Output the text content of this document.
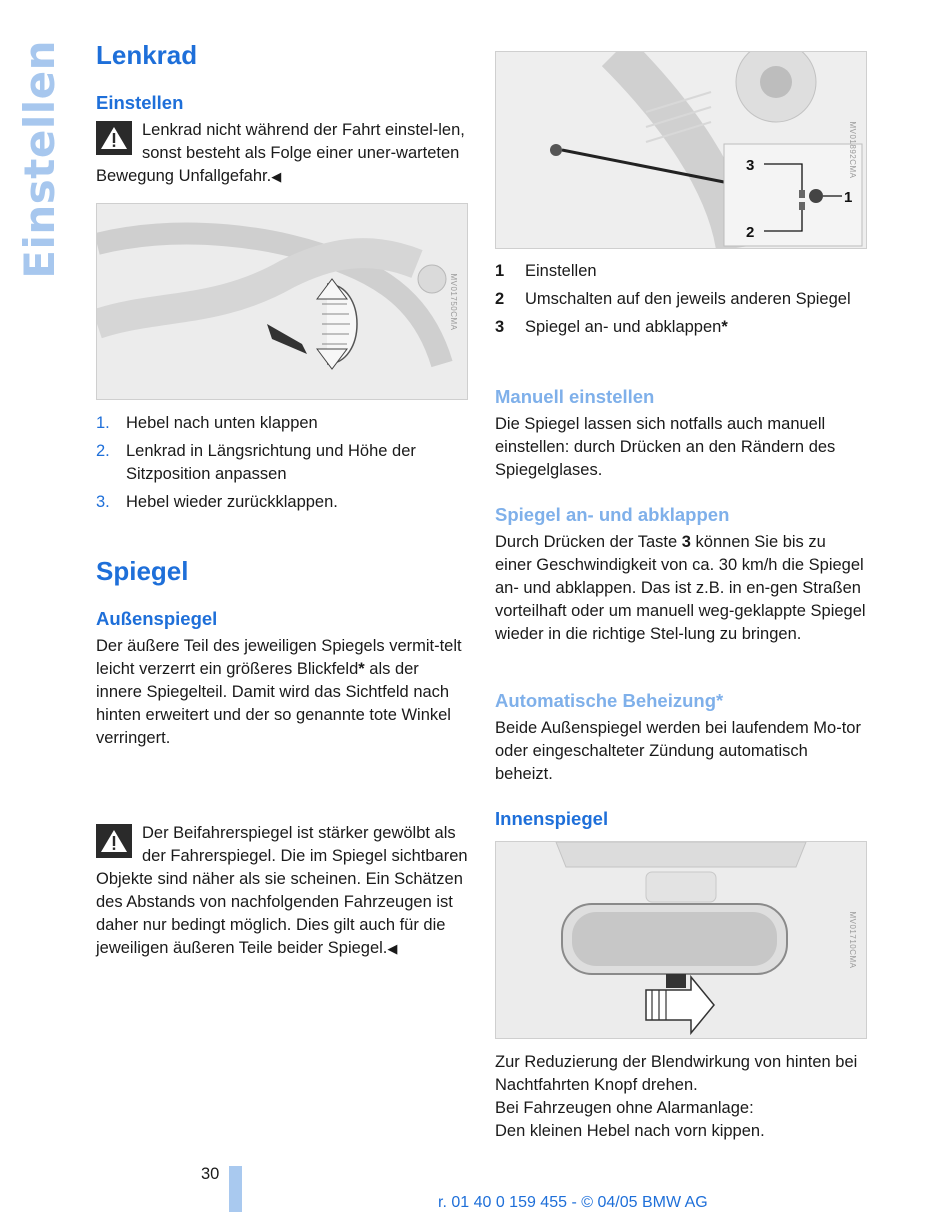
Einstellen Lenkrad
Einstellen
Lenkrad nicht während der Fahrt einstel-len, sonst besteht als Folge einer uner-warteten Bewegung Unfallgefahr.◀
MV01750CMA
1. Hebel nach unten klappen
2. Lenkrad in Längsrichtung und Höhe der Sitzposition anpassen
3. Hebel wieder zurückklappen.
Spiegel
Außenspiegel

Der äußere Teil des jeweiligen Spiegels vermit-telt leicht verzerrt ein größeres Blickfeld* als der innere Spiegelteil. Damit wird das Sichtfeld nach hinten erweitert und der so genannte tote Winkel verringert.

Der Beifahrerspiegel ist stärker gewölbt als der Fahrerspiegel. Die im Spiegel sichtbaren Objekte sind näher als sie scheinen. Ein Schätzen des Abstands von nachfolgenden Fahrzeugen ist daher nur bedingt möglich. Dies gilt auch für die jeweiligen äußeren Teile beider Spiegel.◀
3
1
2
MV01892CMA
1 Einstellen
2 Umschalten auf den jeweils anderen Spiegel
3 Spiegel an- und abklappen*
Manuell einstellen

Die Spiegel lassen sich notfalls auch manuell einstellen: durch Drücken an den Rändern des Spiegelglases.

Spiegel an- und abklappen

Durch Drücken der Taste 3 können Sie bis zu einer Geschwindigkeit von ca. 30 km/h die Spiegel an- und abklappen. Das ist z.B. in en-gen Straßen vorteilhaft oder um manuell weg-geklappte Spiegel wieder in die richtige Stel-lung zu bringen.

Automatische Beheizung*

Beide Außenspiegel werden bei laufendem Mo-tor oder eingeschalteter Zündung automatisch beheizt.

Innenspiegel
MV01710CMA

Zur Reduzierung der Blendwirkung von hinten bei Nachtfahrten Knopf drehen.

Bei Fahrzeugen ohne Alarmanlage:

Den kleinen Hebel nach vorn kippen.

30
r. 01 40 0 159 455 - © 04/05 BMW AG
